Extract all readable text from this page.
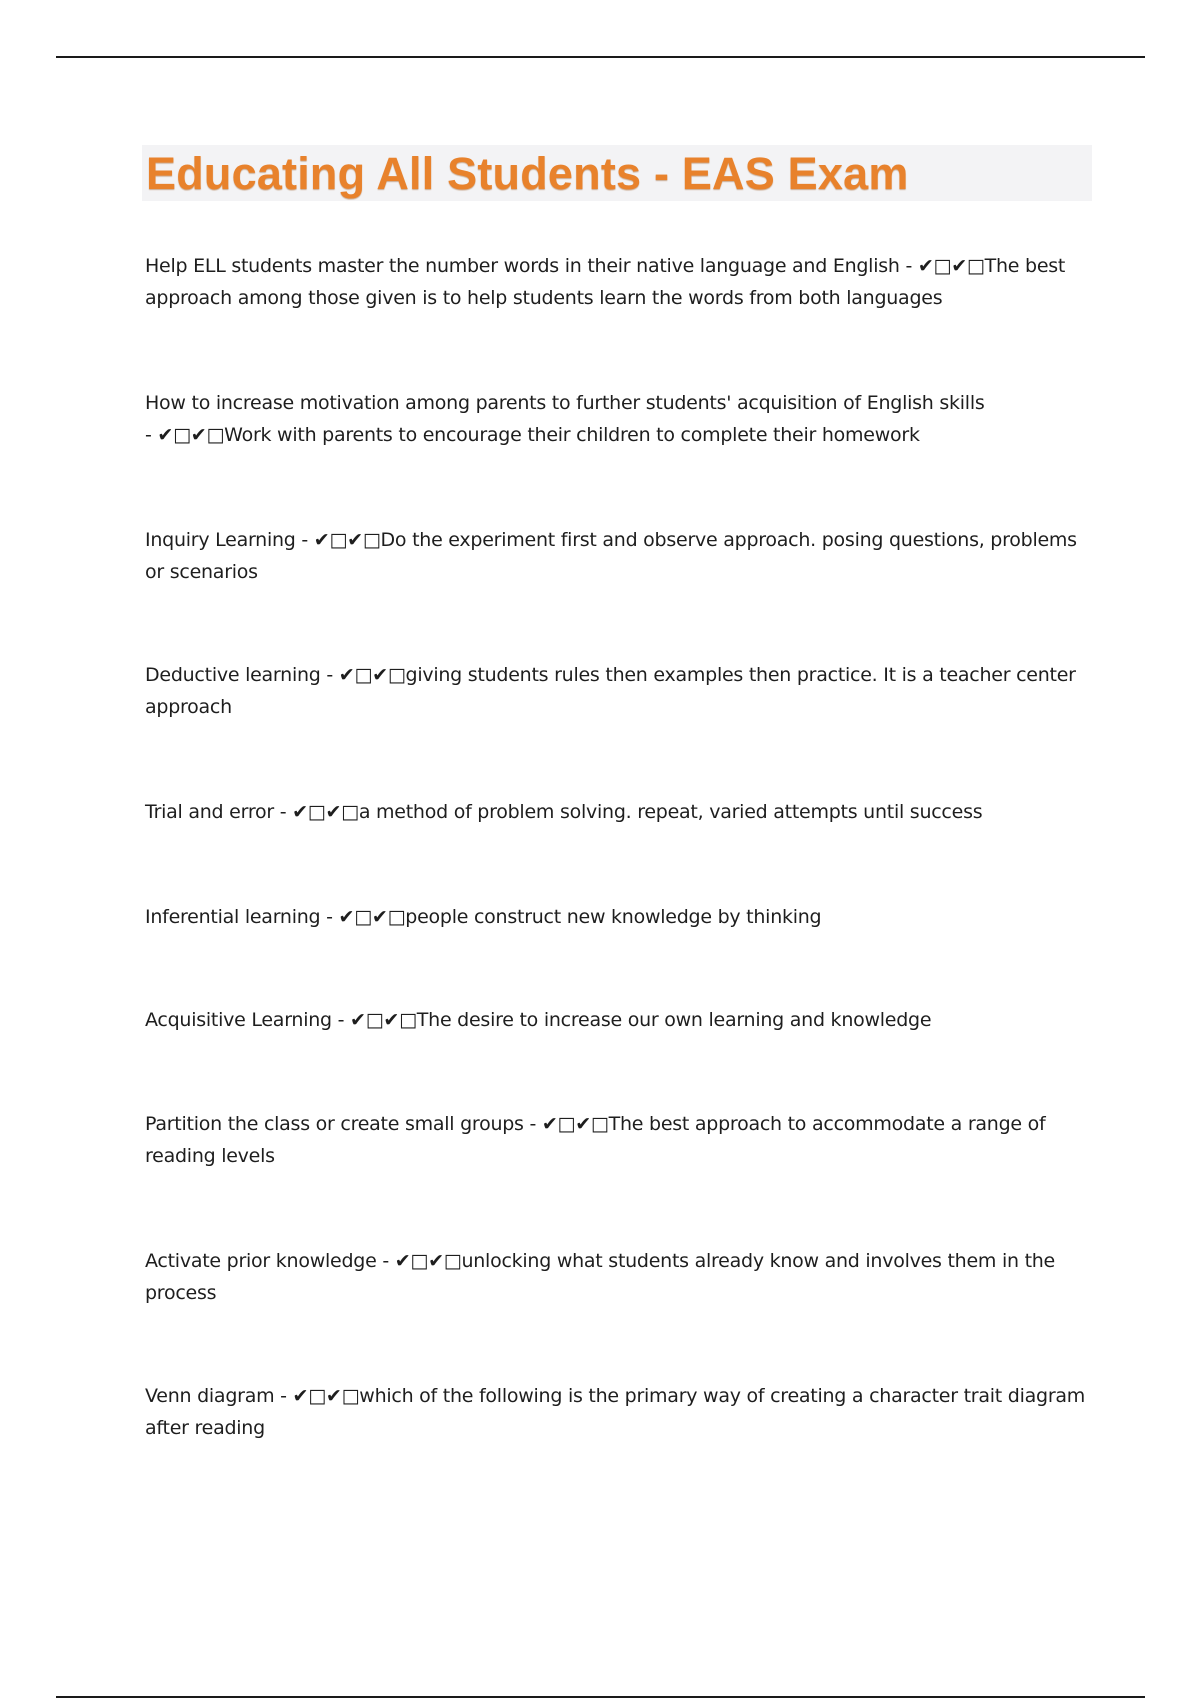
Educating All Students - EAS Exam

Help ELL students master the number words in their native language and English - ✔□✔□The best approach among those given is to help students learn the words from both languages

How to increase motivation among parents to further students' acquisition of English skills - ✔□✔□Work with parents to encourage their children to complete their homework

Inquiry Learning - ✔□✔□Do the experiment first and observe approach. posing questions, problems or scenarios

Deductive learning - ✔□✔□giving students rules then examples then practice. It is a teacher center approach

Trial and error - ✔□✔□a method of problem solving. repeat, varied attempts until success

Inferential learning - ✔□✔□people construct new knowledge by thinking

Acquisitive Learning - ✔□✔□The desire to increase our own learning and knowledge

Partition the class or create small groups - ✔□✔□The best approach to accommodate a range of reading levels

Activate prior knowledge - ✔□✔□unlocking what students already know and involves them in the process

Venn diagram - ✔□✔□which of the following is the primary way of creating a character trait diagram after reading
